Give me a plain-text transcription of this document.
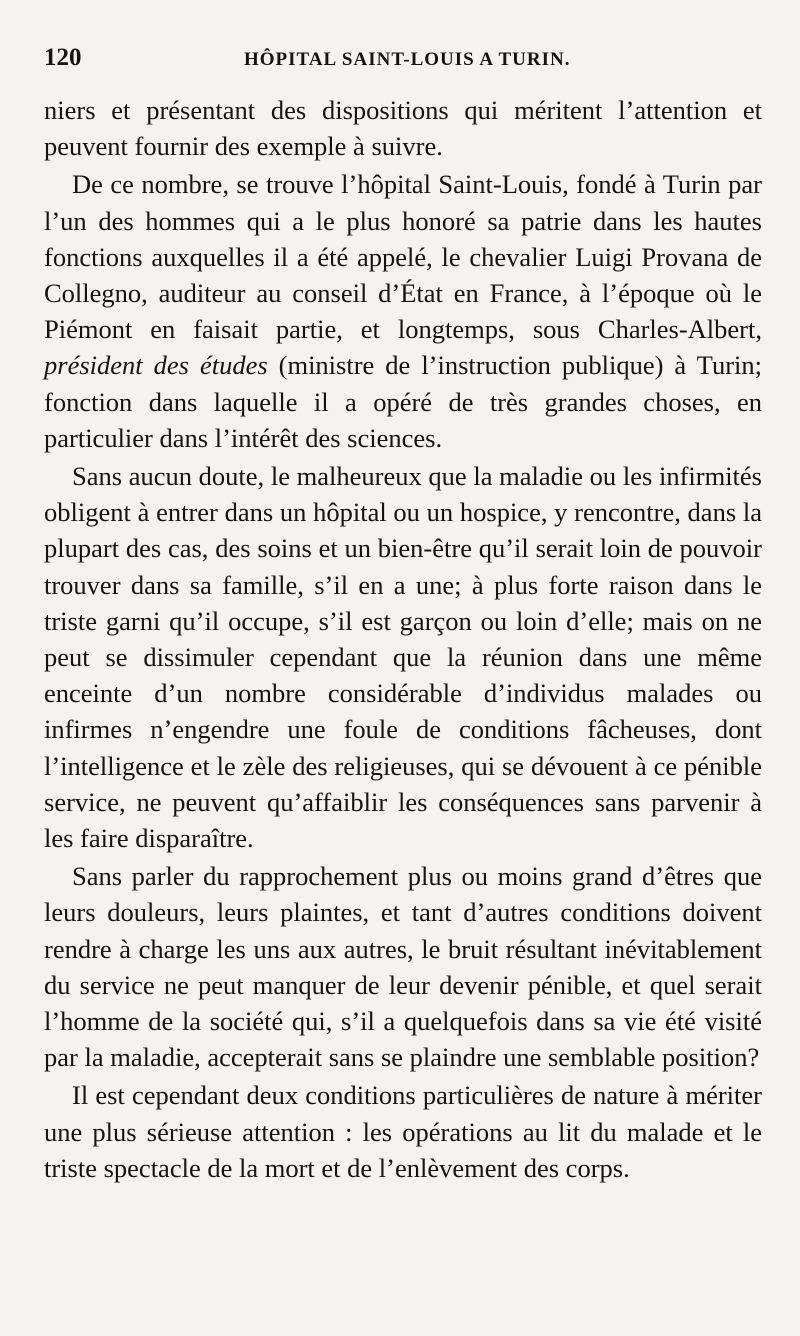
120	HÔPITAL SAINT-LOUIS A TURIN.

niers et présentant des dispositions qui méritent l’attention et peuvent fournir des exemple à suivre.

De ce nombre, se trouve l’hôpital Saint-Louis, fondé à Turin par l’un des hommes qui a le plus honoré sa patrie dans les hautes fonctions auxquelles il a été appelé, le chevalier Luigi Provana de Collegno, auditeur au conseil d’État en France, à l’époque où le Piémont en faisait partie, et longtemps, sous Charles-Albert, président des études (ministre de l’instruction publique) à Turin; fonction dans laquelle il a opéré de très grandes choses, en particulier dans l’intérêt des sciences.

Sans aucun doute, le malheureux que la maladie ou les infirmités obligent à entrer dans un hôpital ou un hospice, y rencontre, dans la plupart des cas, des soins et un bien-être qu’il serait loin de pouvoir trouver dans sa famille, s’il en a une; à plus forte raison dans le triste garni qu’il occupe, s’il est garçon ou loin d’elle; mais on ne peut se dissimuler cependant que la réunion dans une même enceinte d’un nombre considérable d’individus malades ou infirmes n’engendre une foule de conditions fâcheuses, dont l’intelligence et le zèle des religieuses, qui se dévouent à ce pénible service, ne peuvent qu’affaiblir les conséquences sans parvenir à les faire disparaître.

Sans parler du rapprochement plus ou moins grand d’êtres que leurs douleurs, leurs plaintes, et tant d’autres conditions doivent rendre à charge les uns aux autres, le bruit résultant inévitablement du service ne peut manquer de leur devenir pénible, et quel serait l’homme de la société qui, s’il a quelquefois dans sa vie été visité par la maladie, accepterait sans se plaindre une semblable position?

Il est cependant deux conditions particulières de nature à mériter une plus sérieuse attention : les opérations au lit du malade et le triste spectacle de la mort et de l’enlèvement des corps.
